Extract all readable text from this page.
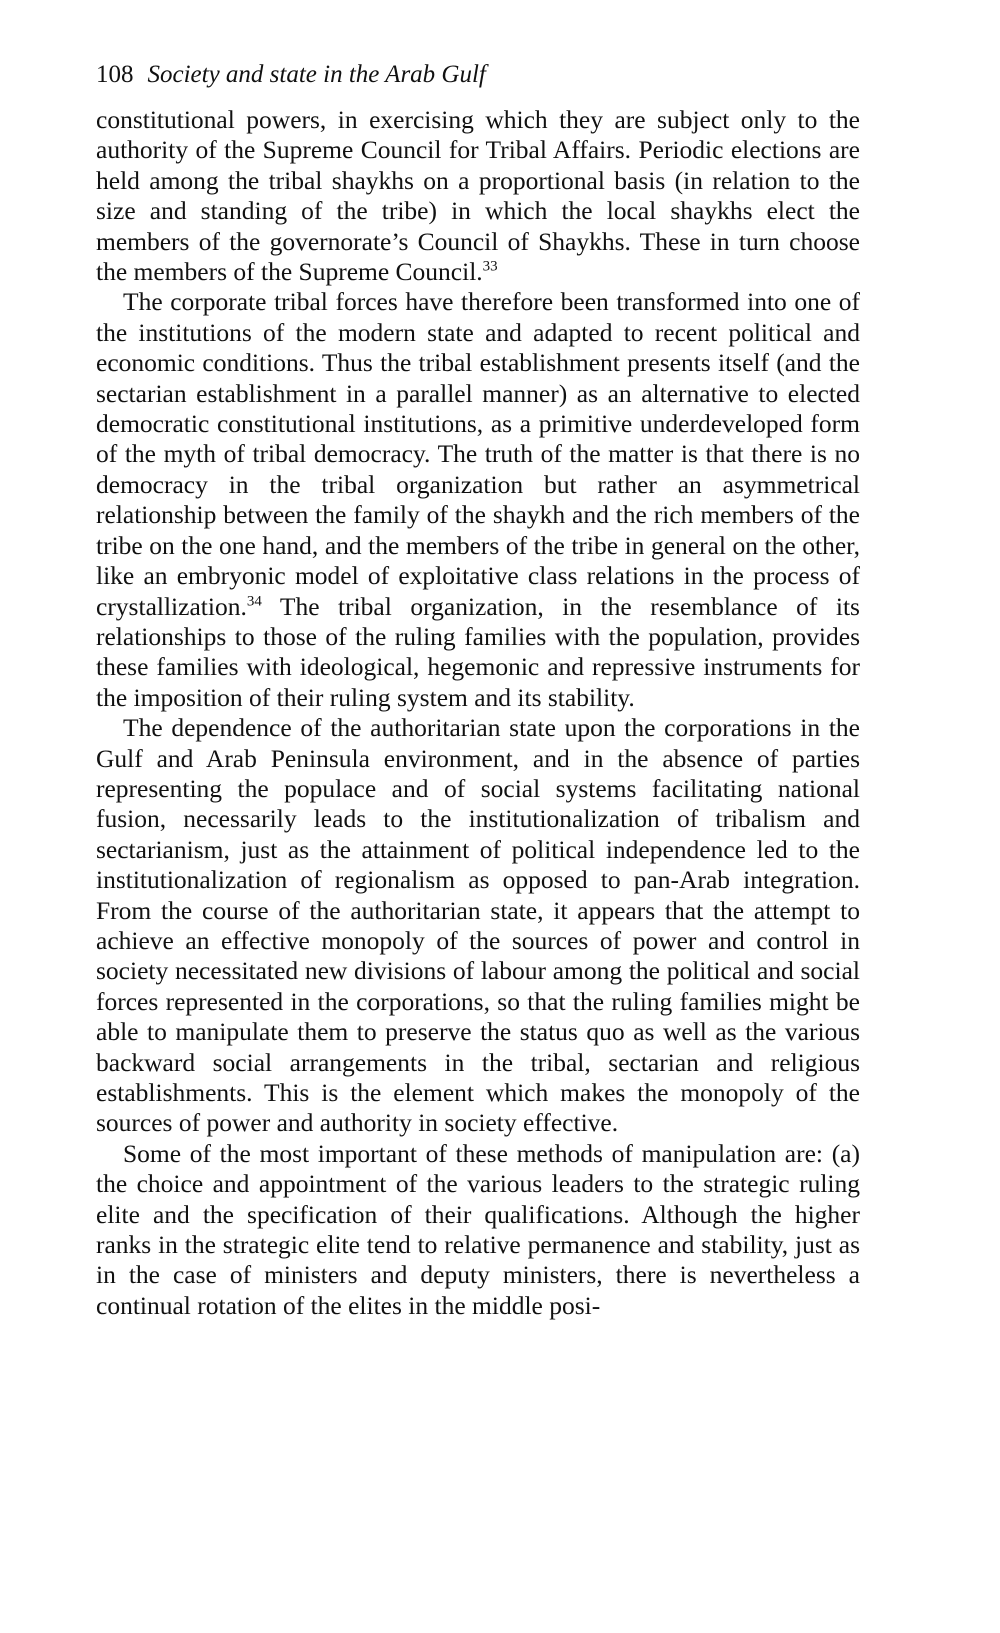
108 Society and state in the Arab Gulf

constitutional powers, in exercising which they are subject only to the authority of the Supreme Council for Tribal Affairs. Periodic elections are held among the tribal shaykhs on a proportional basis (in relation to the size and standing of the tribe) in which the local shaykhs elect the members of the governorate’s Council of Shaykhs. These in turn choose the members of the Supreme Council.$^{33}$

The corporate tribal forces have therefore been transformed into one of the institutions of the modern state and adapted to recent political and economic conditions. Thus the tribal establishment presents itself (and the sectarian establishment in a parallel manner) as an alternative to elected democratic constitutional institutions, as a primitive underdeveloped form of the myth of tribal democracy. The truth of the matter is that there is no democracy in the tribal organization but rather an asymmetrical relationship between the family of the shaykh and the rich members of the tribe on the one hand, and the members of the tribe in general on the other, like an embryonic model of exploitative class relations in the process of crystallization.$^{34}$ The tribal organization, in the resemblance of its relationships to those of the ruling families with the population, provides these families with ideological, hegemonic and repressive instruments for the imposition of their ruling system and its stability.

The dependence of the authoritarian state upon the corporations in the Gulf and Arab Peninsula environment, and in the absence of parties representing the populace and of social systems facilitating national fusion, necessarily leads to the institutionalization of tribalism and sectarianism, just as the attainment of political independence led to the institutionalization of regionalism as opposed to pan-Arab integration. From the course of the authoritarian state, it appears that the attempt to achieve an effective monopoly of the sources of power and control in society necessitated new divisions of labour among the political and social forces represented in the corporations, so that the ruling families might be able to manipulate them to preserve the status quo as well as the various backward social arrangements in the tribal, sectarian and religious establishments. This is the element which makes the monopoly of the sources of power and authority in society effective.

Some of the most important of these methods of manipulation are: (a) the choice and appointment of the various leaders to the strategic ruling elite and the specification of their qualifications. Although the higher ranks in the strategic elite tend to relative permanence and stability, just as in the case of ministers and deputy ministers, there is nevertheless a continual rotation of the elites in the middle posi-
